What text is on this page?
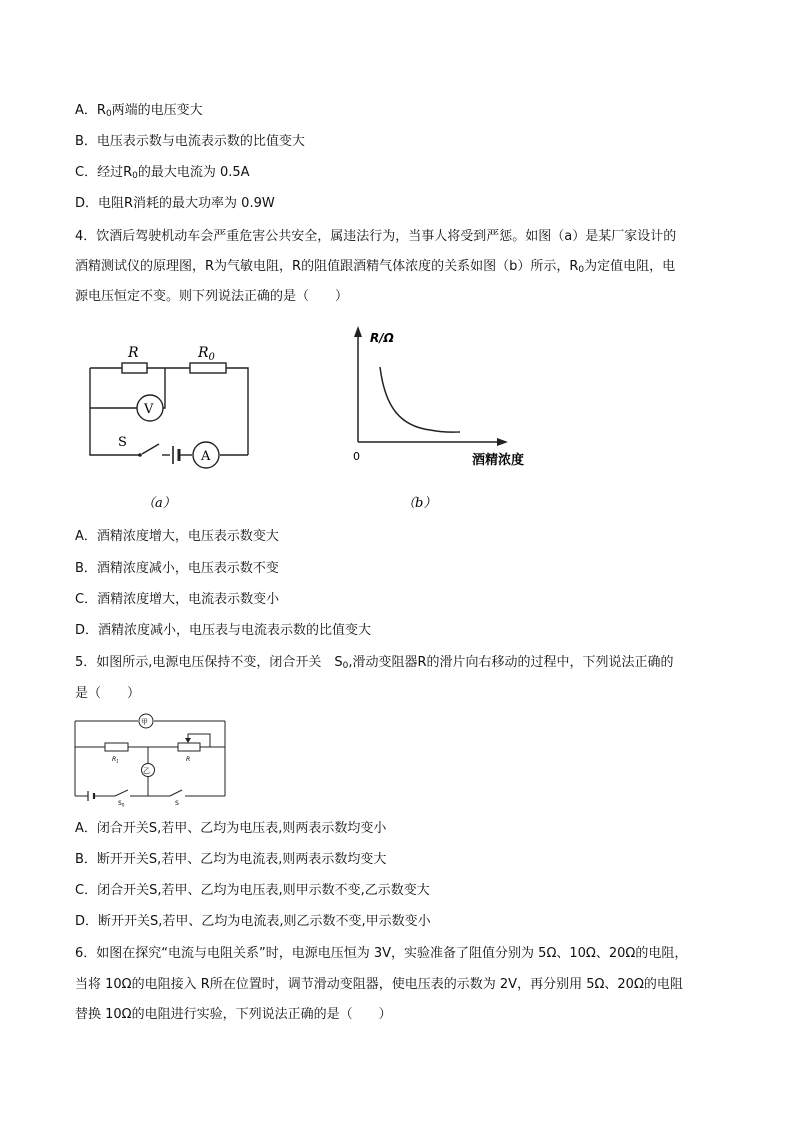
A．$R_0$两端的电压变大
B．电压表示数与电流表示数的比值变大
C．经过$R_0$的最大电流为 0.5A
D．电阻R消耗的最大功率为 0.9W
4．饮酒后驾驶机动车会严重危害公共安全，属违法行为，当事人将受到严惩。如图（a）是某厂家设计的
酒精测试仪的原理图，R为气敏电阻，R的阻值跟酒精气体浓度的关系如图（b）所示，$R_0$为定值电阻，电
源电压恒定不变。则下列说法正确的是（　　）
R	$R_0$
V
A
S
（a）
R/Ω
酒精浓度
0
（b）
A．酒精浓度增大，电压表示数变大
B．酒精浓度减小，电压表示数不变
C．酒精浓度增大，电流表示数变小
D．酒精浓度减小，电压表与电流表示数的比值变大
5．如图所示,电源电压保持不变，闭合开关　$S_0$,滑动变阻器R的滑片向右移动的过程中，下列说法正确的
是（　　）
甲
乙
$R_1$	R
$S_0$	S
A．闭合开关S,若甲、乙均为电压表,则两表示数均变小
B．断开开关S,若甲、乙均为电流表,则两表示数均变大
C．闭合开关S,若甲、乙均为电压表,则甲示数不变,乙示数变大
D．断开开关S,若甲、乙均为电流表,则乙示数不变,甲示数变小
6．如图在探究“电流与电阻关系”时，电源电压恒为 3V，实验准备了阻值分别为 5Ω、10Ω、20Ω的电阻，
当将 10Ω的电阻接入 R所在位置时，调节滑动变阻器，使电压表的示数为 2V，再分别用 5Ω、20Ω的电阻
替换 10Ω的电阻进行实验，下列说法正确的是（　　）
